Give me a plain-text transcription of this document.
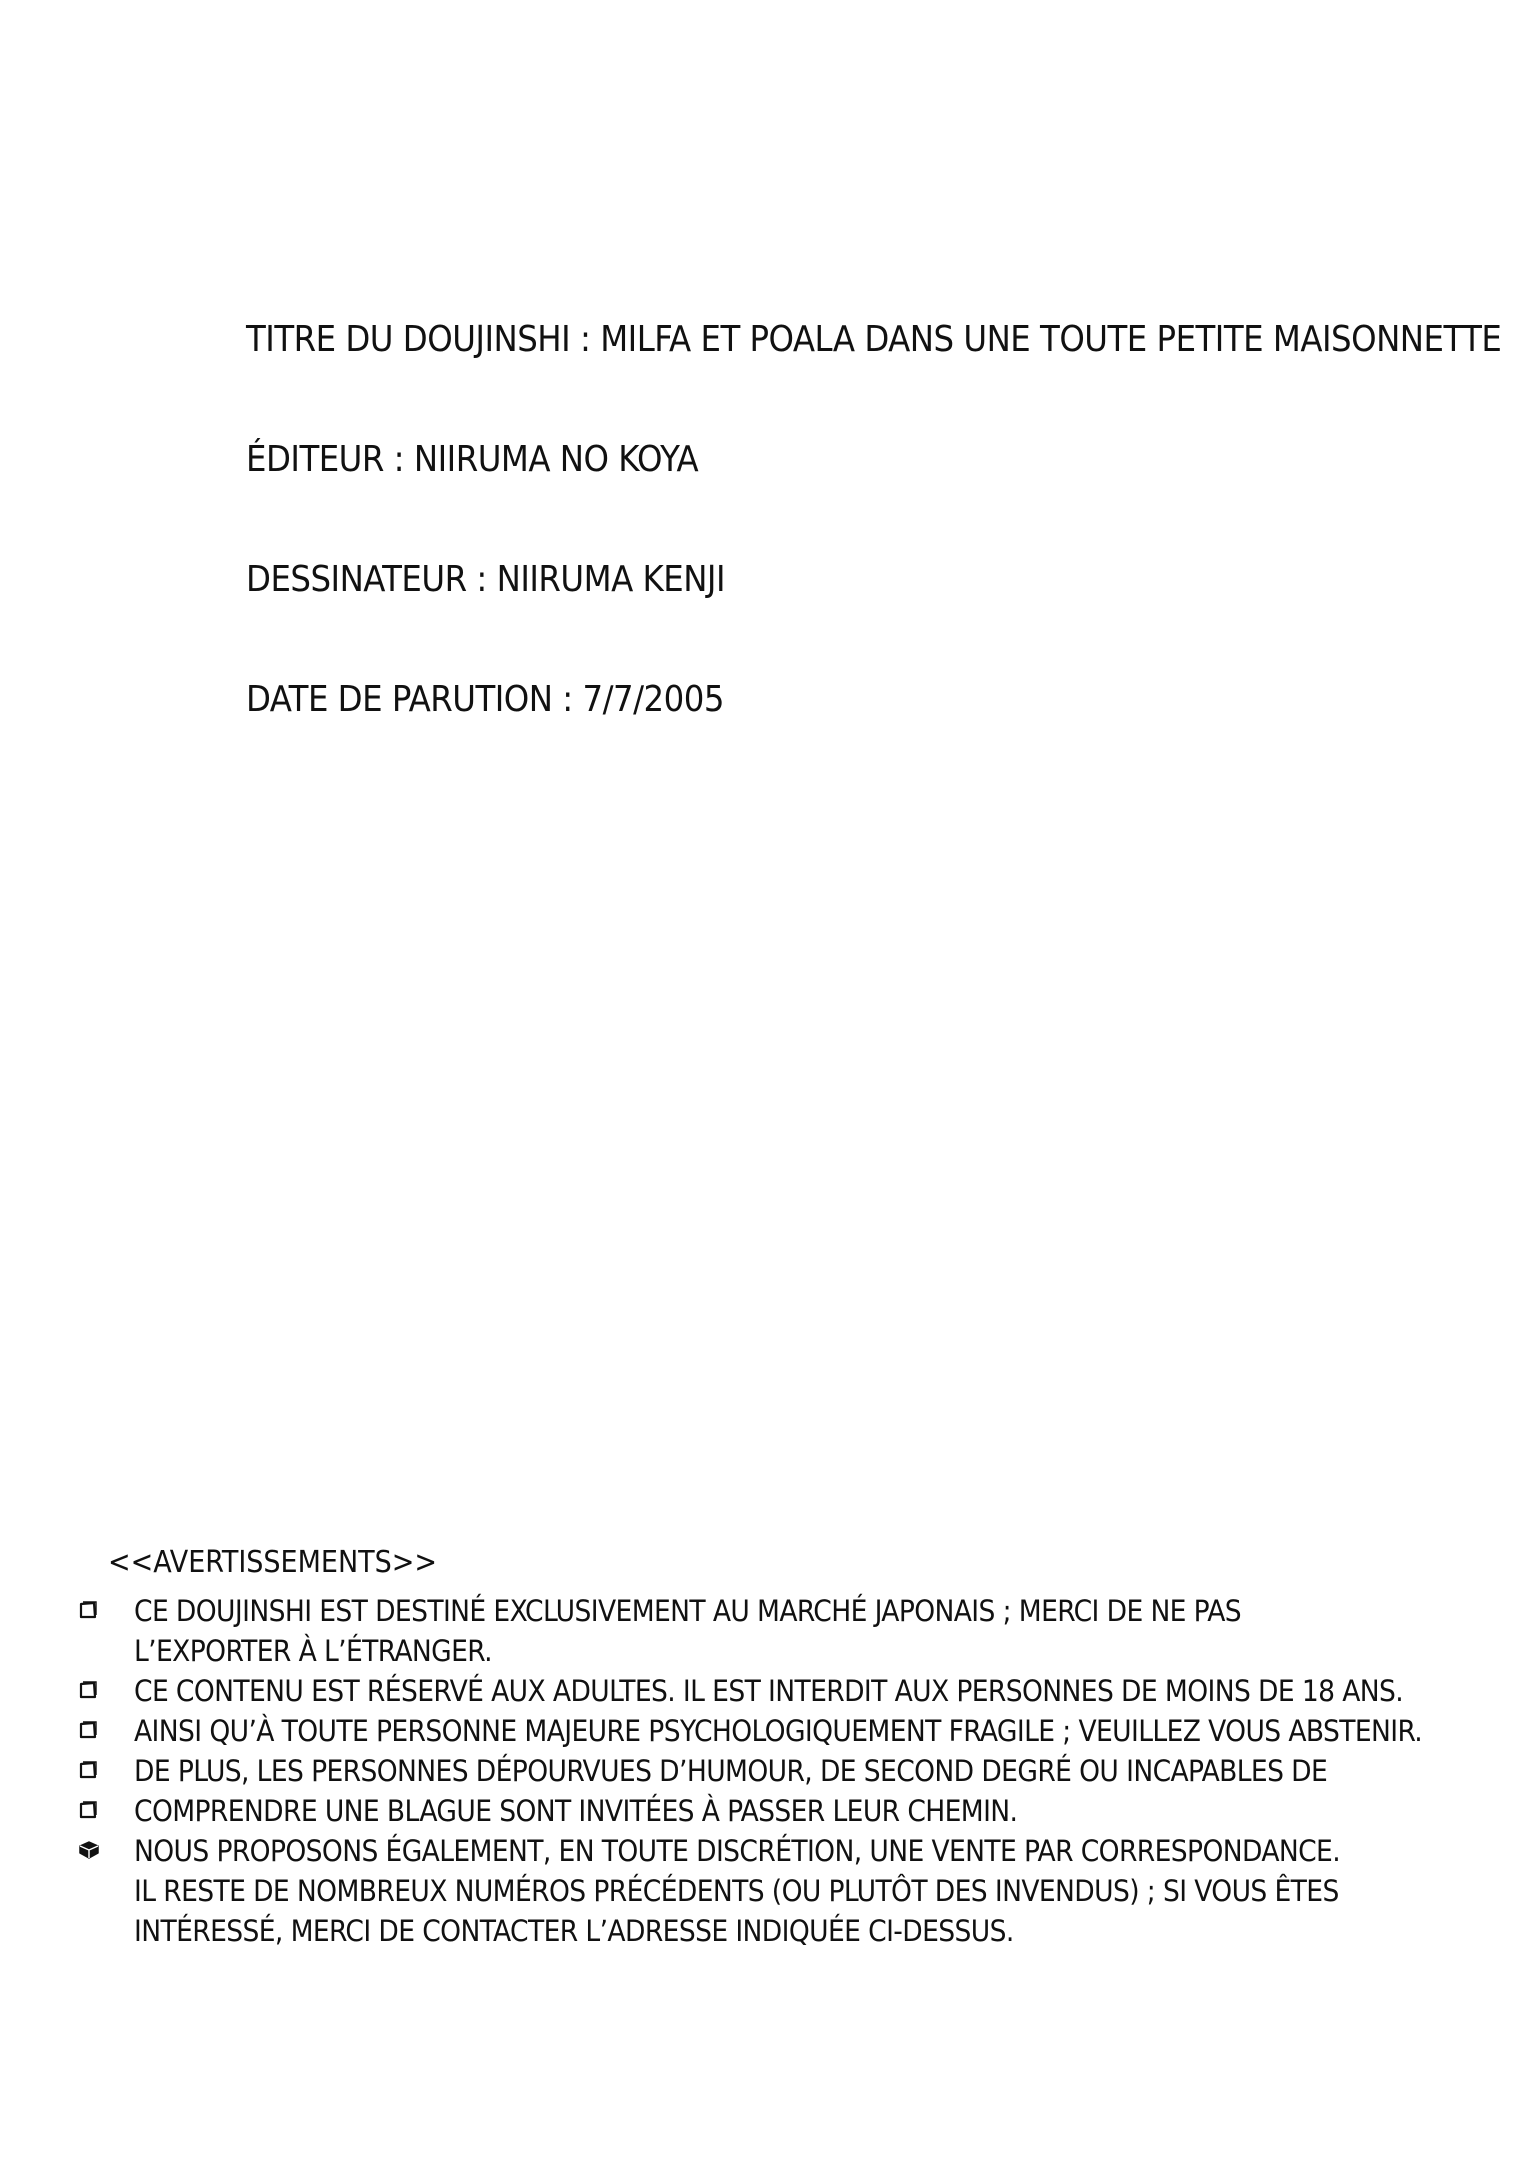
TITRE DU DOUJINSHI : MILFA ET POALA DANS UNE TOUTE PETITE MAISONNETTE
ÉDITEUR : NIIRUMA NO KOYA
DESSINATEUR : NIIRUMA KENJI
DATE DE PARUTION : 7/7/2005
<<AVERTISSEMENTS>>
CE DOUJINSHI EST DESTINÉ EXCLUSIVEMENT AU MARCHÉ JAPONAIS ; MERCI DE NE PAS
L’EXPORTER À L’ÉTRANGER.
CE CONTENU EST RÉSERVÉ AUX ADULTES. IL EST INTERDIT AUX PERSONNES DE MOINS DE 18 ANS.
AINSI QU’À TOUTE PERSONNE MAJEURE PSYCHOLOGIQUEMENT FRAGILE ; VEUILLEZ VOUS ABSTENIR.
DE PLUS, LES PERSONNES DÉPOURVUES D’HUMOUR, DE SECOND DEGRÉ OU INCAPABLES DE
COMPRENDRE UNE BLAGUE SONT INVITÉES À PASSER LEUR CHEMIN.
NOUS PROPOSONS ÉGALEMENT, EN TOUTE DISCRÉTION, UNE VENTE PAR CORRESPONDANCE.
IL RESTE DE NOMBREUX NUMÉROS PRÉCÉDENTS (OU PLUTÔT DES INVENDUS) ; SI VOUS ÊTES
INTÉRESSÉ, MERCI DE CONTACTER L’ADRESSE INDIQUÉE CI-DESSUS.
